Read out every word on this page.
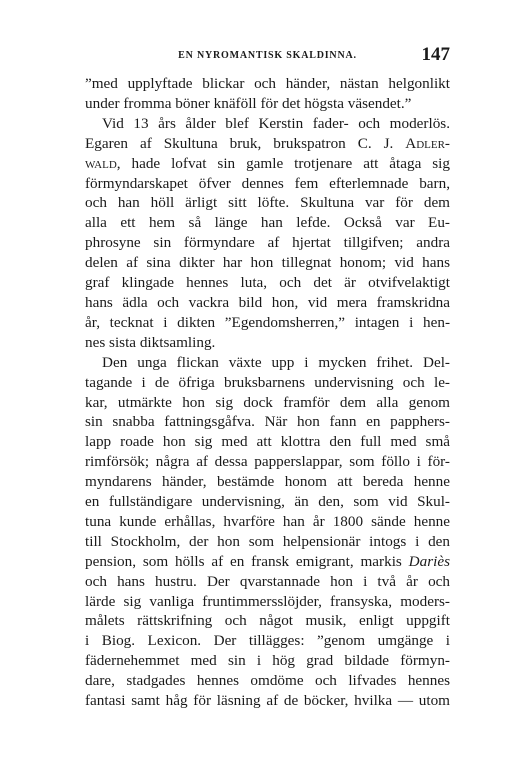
EN NYROMANTISK SKALDINNA.	147
”med upplyftade blickar och händer, nästan helgonlikt
under fromma böner knäföll för det högsta väsendet.”
Vid 13 års ålder blef Kerstin fader- och moderlös.
Egaren af Skultuna bruk, brukspatron C. J. Adler-
wald, hade lofvat sin gamle trotjenare att åtaga sig
förmyndarskapet öfver dennes fem efterlemnade barn,
och han höll ärligt sitt löfte. Skultuna var för dem
alla ett hem så länge han lefde. Också var Eu-
phrosyne sin förmyndare af hjertat tillgifven; andra
delen af sina dikter har hon tillegnat honom; vid hans
graf klingade hennes luta, och det är otvifvelaktigt
hans ädla och vackra bild hon, vid mera framskridna
år, tecknat i dikten ”Egendomsherren,” intagen i hen-
nes sista diktsamling.
Den unga flickan växte upp i mycken frihet. Del-
tagande i de öfriga bruksbarnens undervisning och le-
kar, utmärkte hon sig dock framför dem alla genom
sin snabba fattningsgåfva. När hon fann en papphers-
lapp roade hon sig med att klottra den full med små
rimförsök; några af dessa papperslappar, som föllo i för-
myndarens händer, bestämde honom att bereda henne
en fullständigare undervisning, än den, som vid Skul-
tuna kunde erhållas, hvarföre han år 1800 sände henne
till Stockholm, der hon som helpensionär intogs i den
pension, som hölls af en fransk emigrant, markis Dariès
och hans hustru. Der qvarstannade hon i två år och
lärde sig vanliga fruntimmersslöjder, fransyska, moders-
målets rättskrifning och något musik, enligt uppgift
i Biog. Lexicon. Der tillägges: ”genom umgänge i
fädernehemmet med sin i hög grad bildade förmyn-
dare, stadgades hennes omdöme och lifvades hennes
fantasi samt håg för läsning af de böcker, hvilka — utom
